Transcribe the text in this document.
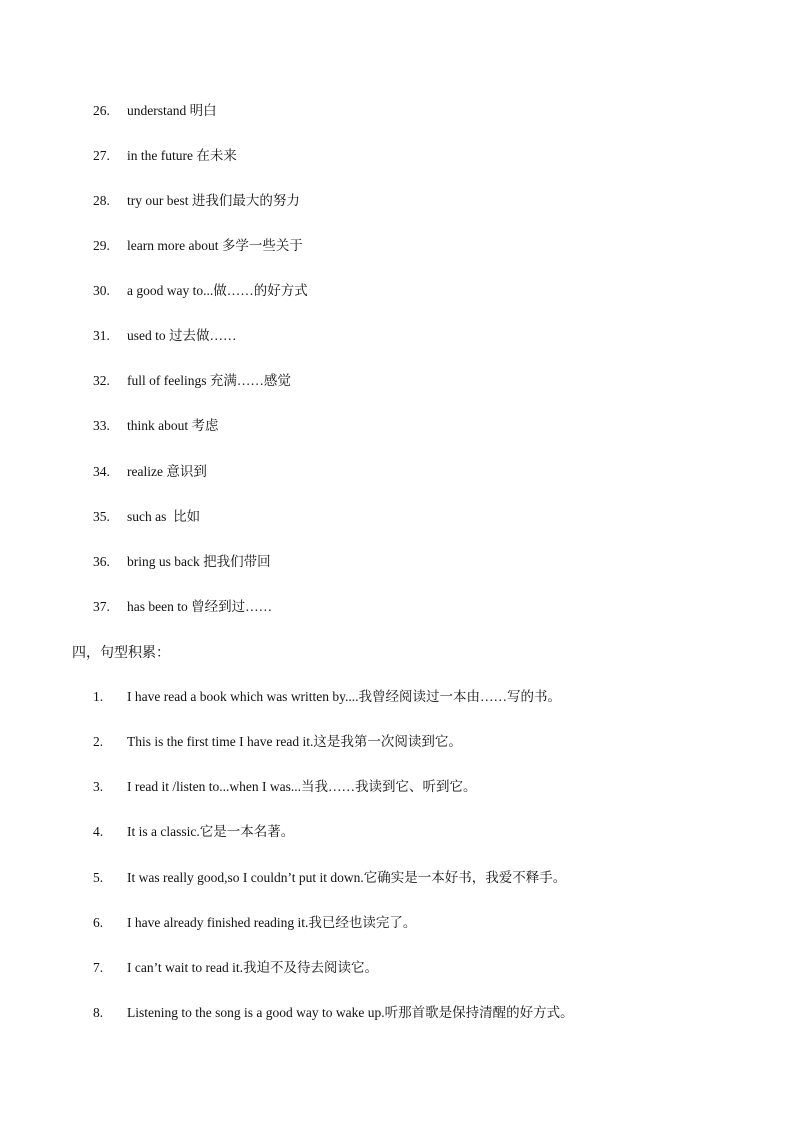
26. understand 明白
27. in the future 在未来
28. try our best 进我们最大的努力
29. learn more about 多学一些关于
30. a good way to...做……的好方式
31. used to 过去做……
32. full of feelings 充满……感觉
33. think about 考虑
34. realize 意识到
35. such as  比如
36. bring us back 把我们带回
37. has been to 曾经到过……
四，句型积累：
1. I have read a book which was written by....我曾经阅读过一本由……写的书。
2. This is the first time I have read it.这是我第一次阅读到它。
3. I read it /listen to...when I was...当我……我读到它、听到它。
4. It is a classic.它是一本名著。
5. It was really good,so I couldn’t put it down.它确实是一本好书，我爱不释手。
6. I have already finished reading it.我已经也读完了。
7. I can’t wait to read it.我迫不及待去阅读它。
8. Listening to the song is a good way to wake up.听那首歌是保持清醒的好方式。
